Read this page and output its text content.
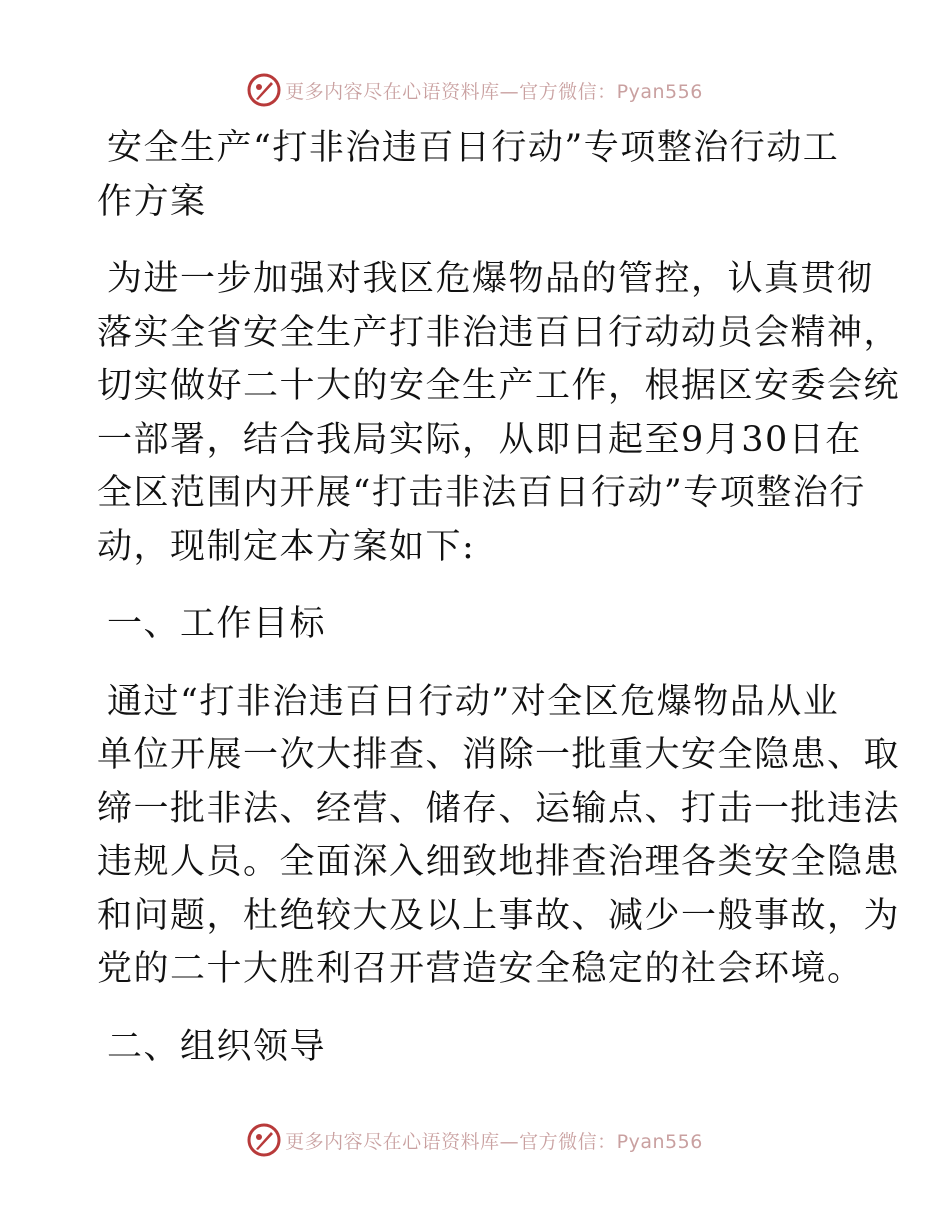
更多内容尽在心语资料库—官方微信：Pyan556
安全生产“打非治违百日行动”专项整治行动工
作方案
为进一步加强对我区危爆物品的管控，认真贯彻
落实全省安全生产打非治违百日行动动员会精神，
切实做好二十大的安全生产工作，根据区安委会统
一部署，结合我局实际，从即日起至9月30日在
全区范围内开展“打击非法百日行动”专项整治行
动，现制定本方案如下:
一、工作目标
通过“打非治违百日行动”对全区危爆物品从业
单位开展一次大排查、消除一批重大安全隐患、取
缔一批非法、经营、储存、运输点、打击一批违法
违规人员。全面深入细致地排查治理各类安全隐患
和问题，杜绝较大及以上事故、减少一般事故，为
党的二十大胜利召开营造安全稳定的社会环境。
二、组织领导
更多内容尽在心语资料库—官方微信：Pyan556
